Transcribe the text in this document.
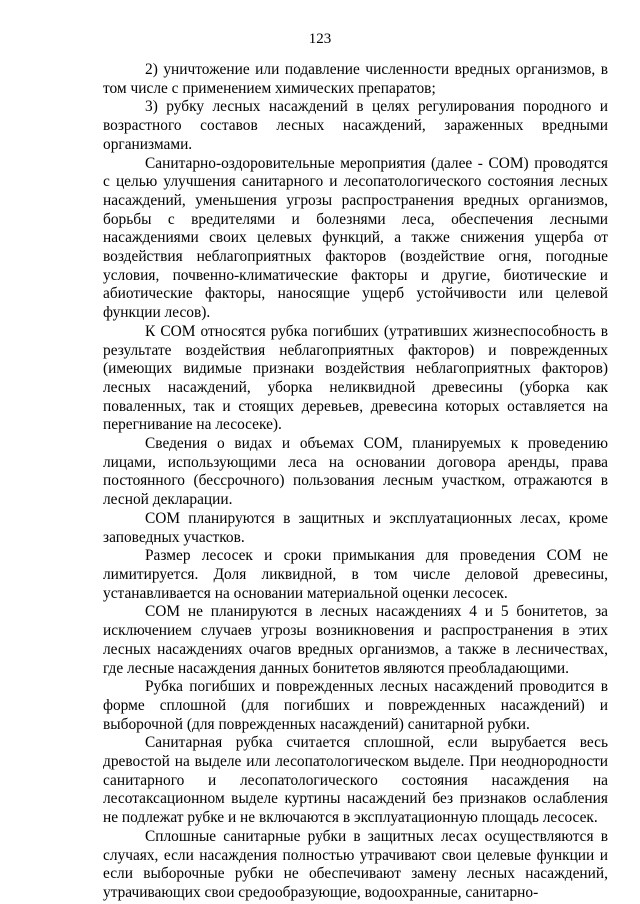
123

2) уничтожение или подавление численности вредных организмов, в том числе с применением химических препаратов;

3) рубку лесных насаждений в целях регулирования породного и возрастного составов лесных насаждений, зараженных вредными организмами.

Санитарно-оздоровительные мероприятия (далее - СОМ) проводятся с целью улучшения санитарного и лесопатологического состояния лесных насаждений, уменьшения угрозы распространения вредных организмов, борьбы с вредителями и болезнями леса, обеспечения лесными насаждениями своих целевых функций, а также снижения ущерба от воздействия неблагоприятных факторов (воздействие огня, погодные условия, почвенно-климатические факторы и другие, биотические и абиотические факторы, наносящие ущерб устойчивости или целевой функции лесов).

К СОМ относятся рубка погибших (утративших жизнеспособность в результате воздействия неблагоприятных факторов) и поврежденных (имеющих видимые признаки воздействия неблагоприятных факторов) лесных насаждений, уборка неликвидной древесины (уборка как поваленных, так и стоящих деревьев, древесина которых оставляется на перегнивание на лесосеке).

Сведения о видах и объемах СОМ, планируемых к проведению лицами, использующими леса на основании договора аренды, права постоянного (бессрочного) пользования лесным участком, отражаются в лесной декларации.

СОМ планируются в защитных и эксплуатационных лесах, кроме заповедных участков.

Размер лесосек и сроки примыкания для проведения СОМ не лимитируется. Доля ликвидной, в том числе деловой древесины, устанавливается на основании материальной оценки лесосек.

СОМ не планируются в лесных насаждениях 4 и 5 бонитетов, за исключением случаев угрозы возникновения и распространения в этих лесных насаждениях очагов вредных организмов, а также в лесничествах, где лесные насаждения данных бонитетов являются преобладающими.

Рубка погибших и поврежденных лесных насаждений проводится в форме сплошной (для погибших и поврежденных насаждений) и выборочной (для поврежденных насаждений) санитарной рубки.

Санитарная рубка считается сплошной, если вырубается весь древостой на выделе или лесопатологическом выделе. При неоднородности санитарного и лесопатологического состояния насаждения на лесотаксационном выделе куртины насаждений без признаков ослабления не подлежат рубке и не включаются в эксплуатационную площадь лесосек.

Сплошные санитарные рубки в защитных лесах осуществляются в случаях, если насаждения полностью утрачивают свои целевые функции и если выборочные рубки не обеспечивают замену лесных насаждений, утрачивающих свои средообразующие, водоохранные, санитарно-
